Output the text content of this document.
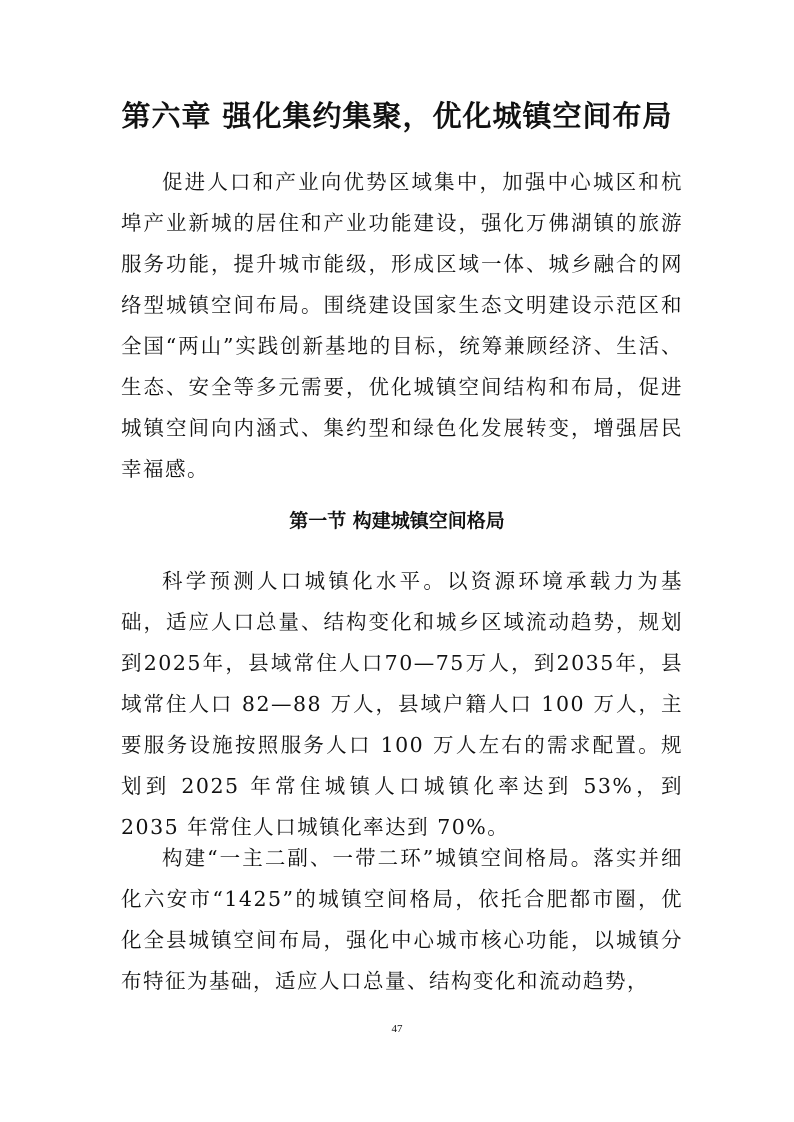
第六章 强化集约集聚，优化城镇空间布局

促进人口和产业向优势区域集中，加强中心城区和杭埠产业新城的居住和产业功能建设，强化万佛湖镇的旅游服务功能，提升城市能级，形成区域一体、城乡融合的网络型城镇空间布局。围绕建设国家生态文明建设示范区和全国“两山”实践创新基地的目标，统筹兼顾经济、生活、生态、安全等多元需要，优化城镇空间结构和布局，促进城镇空间向内涵式、集约型和绿色化发展转变，增强居民幸福感。

第一节 构建城镇空间格局

科学预测人口城镇化水平。以资源环境承载力为基础，适应人口总量、结构变化和城乡区域流动趋势，规划到2025年，县域常住人口70—75万人，到2035年，县域常住人口 82—88 万人，县域户籍人口 100 万人，主要服务设施按照服务人口 100 万人左右的需求配置。规划到 2025 年常住城镇人口城镇化率达到 53%，到 2035 年常住人口城镇化率达到 70%。

构建“一主二副、一带二环”城镇空间格局。落实并细化六安市“1425”的城镇空间格局，依托合肥都市圈，优化全县城镇空间布局，强化中心城市核心功能，以城镇分布特征为基础，适应人口总量、结构变化和流动趋势，

47
